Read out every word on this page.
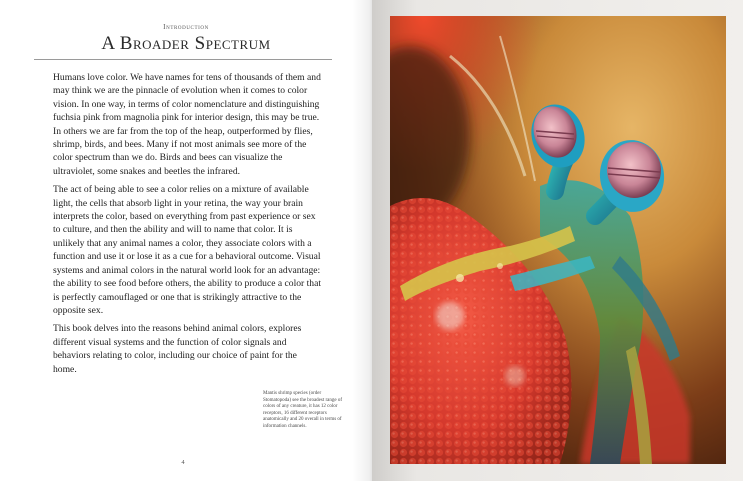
Introduction
A Broader Spectrum

Humans love color. We have names for tens of thousands of them and may think we are the pinnacle of evolution when it comes to color vision. In one way, in terms of color nomenclature and distinguishing fuchsia pink from magnolia pink for interior design, this may be true. In others we are far from the top of the heap, outperformed by flies, shrimp, birds, and bees. Many if not most animals see more of the color spectrum than we do. Birds and bees can visualize the ultraviolet, some snakes and beetles the infrared.

The act of being able to see a color relies on a mixture of available light, the cells that absorb light in your retina, the way your brain interprets the color, based on everything from past experience or sex to culture, and then the ability and will to name that color. It is unlikely that any animal names a color, they associate colors with a function and use it or lose it as a cue for a behavioral outcome. Visual systems and animal colors in the natural world look for an advantage: the ability to see food before others, the ability to produce a color that is perfectly camouflaged or one that is strikingly attractive to the opposite sex.

This book delves into the reasons behind animal colors, explores different visual systems and the function of color signals and behaviors relating to color, including our choice of paint for the home.

Mantis shrimp species (order Stomatopoda) see the broadest range of colors of any creature, it has 12 color receptors, 16 different receptors anatomically and 20 overall in terms of information channels.
4
